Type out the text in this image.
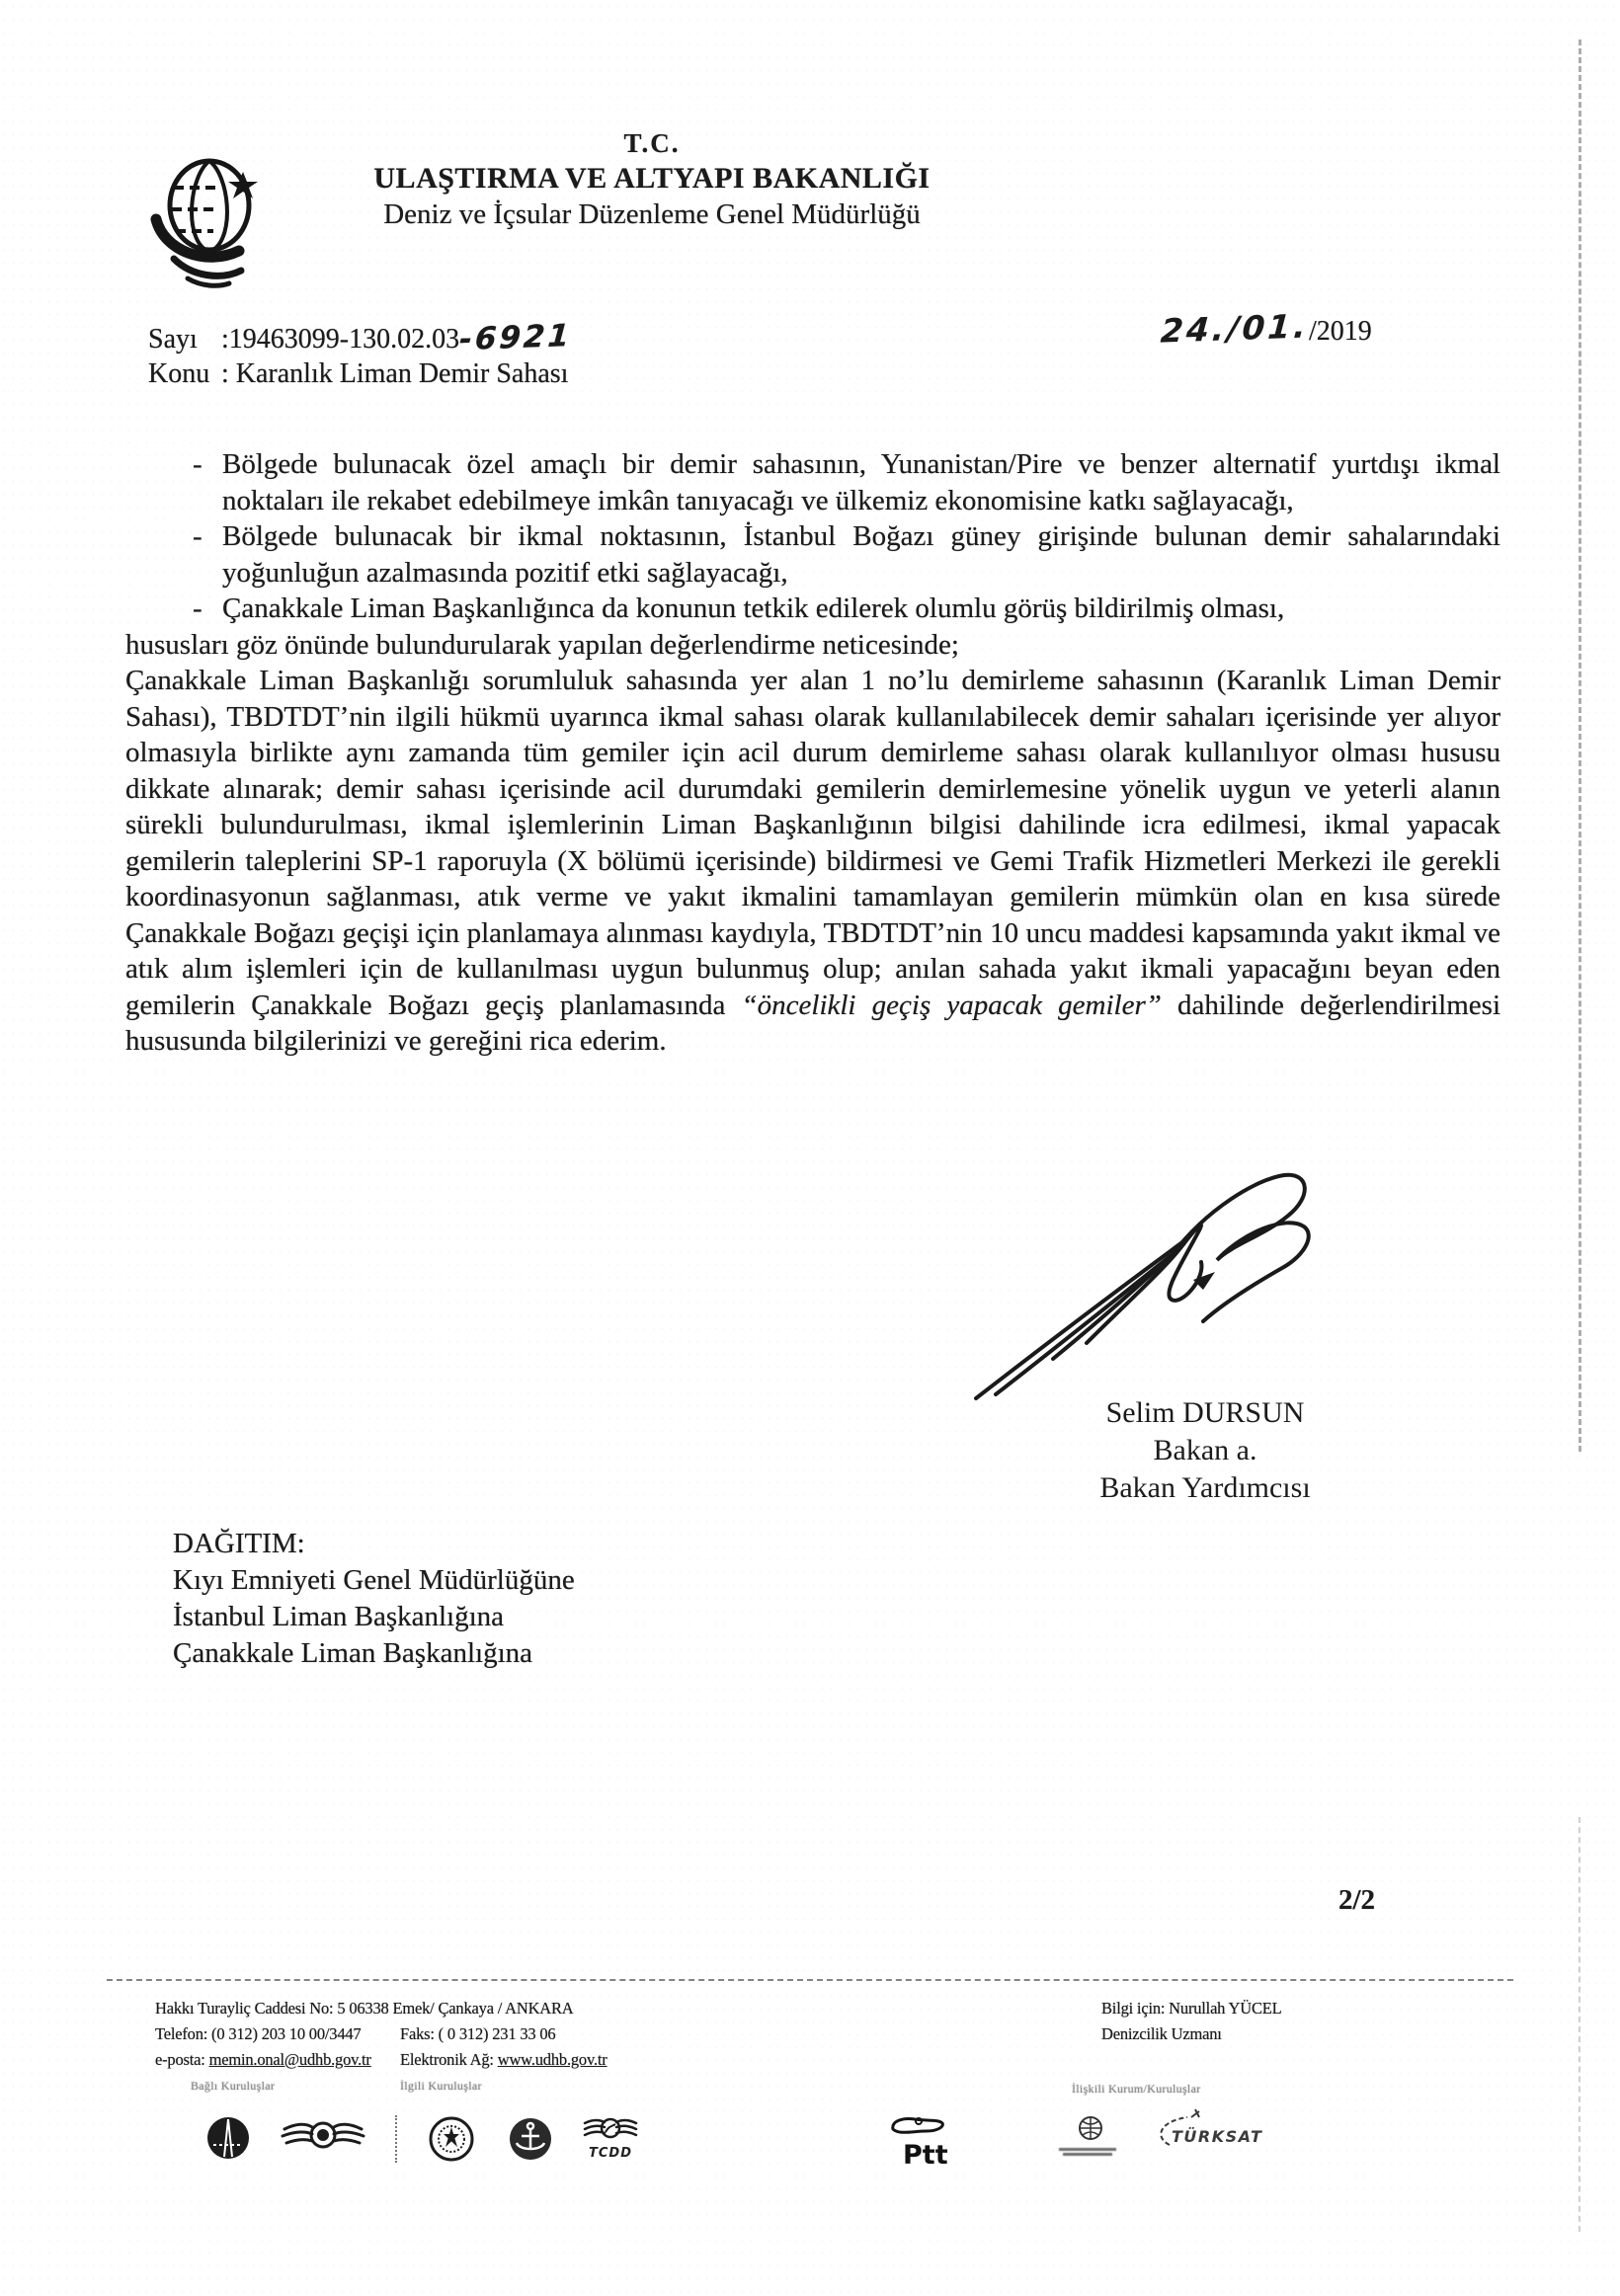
T.C.
ULAŞTIRMA VE ALTYAPI BAKANLIĞI
Deniz ve İçsular Düzenleme Genel Müdürlüğü
Sayı :19463099-130.02.03-6921
Konu : Karanlık Liman Demir Sahası
24./01./2019
- Bölgede bulunacak özel amaçlı bir demir sahasının, Yunanistan/Pire ve benzer alternatif yurtdışı ikmal noktaları ile rekabet edebilmeye imkân tanıyacağı ve ülkemiz ekonomisine katkı sağlayacağı,
- Bölgede bulunacak bir ikmal noktasının, İstanbul Boğazı güney girişinde bulunan demir sahalarındaki yoğunluğun azalmasında pozitif etki sağlayacağı,
- Çanakkale Liman Başkanlığınca da konunun tetkik edilerek olumlu görüş bildirilmiş olması,

hususları göz önünde bulundurularak yapılan değerlendirme neticesinde;

Çanakkale Liman Başkanlığı sorumluluk sahasında yer alan 1 no’lu demirleme sahasının (Karanlık Liman Demir Sahası), TBDTDT’nin ilgili hükmü uyarınca ikmal sahası olarak kullanılabilecek demir sahaları içerisinde yer alıyor olmasıyla birlikte aynı zamanda tüm gemiler için acil durum demirleme sahası olarak kullanılıyor olması hususu dikkate alınarak; demir sahası içerisinde acil durumdaki gemilerin demirlemesine yönelik uygun ve yeterli alanın sürekli bulundurulması, ikmal işlemlerinin Liman Başkanlığının bilgisi dahilinde icra edilmesi, ikmal yapacak gemilerin taleplerini SP-1 raporuyla (X bölümü içerisinde) bildirmesi ve Gemi Trafik Hizmetleri Merkezi ile gerekli koordinasyonun sağlanması, atık verme ve yakıt ikmalini tamamlayan gemilerin mümkün olan en kısa sürede Çanakkale Boğazı geçişi için planlamaya alınması kaydıyla, TBDTDT’nin 10 uncu maddesi kapsamında yakıt ikmal ve atık alım işlemleri için de kullanılması uygun bulunmuş olup; anılan sahada yakıt ikmali yapacağını beyan eden gemilerin Çanakkale Boğazı geçiş planlamasında “öncelikli geçiş yapacak gemiler” dahilinde değerlendirilmesi hususunda bilgilerinizi ve gereğini rica ederim.

Selim DURSUN
Bakan a.
Bakan Yardımcısı
DAĞITIM:
Kıyı Emniyeti Genel Müdürlüğüne
İstanbul Liman Başkanlığına
Çanakkale Liman Başkanlığına
2/2
Hakkı Turayliç Caddesi No: 5 06338 Emek/ Çankaya / ANKARA
Telefon: (0 312) 203 10 00/3447 Faks: ( 0 312) 231 33 06
e-posta: memin.onal@udhb.gov.tr Elektronik Ağ: www.udhb.gov.tr
Bilgi için: Nurullah YÜCEL
Denizcilik Uzmanı
Bağlı Kuruluşlar	İlgili Kuruluşlar	İlişkili Kurum/Kuruluşlar
TCDD	Ptt
TÜRKSAT
